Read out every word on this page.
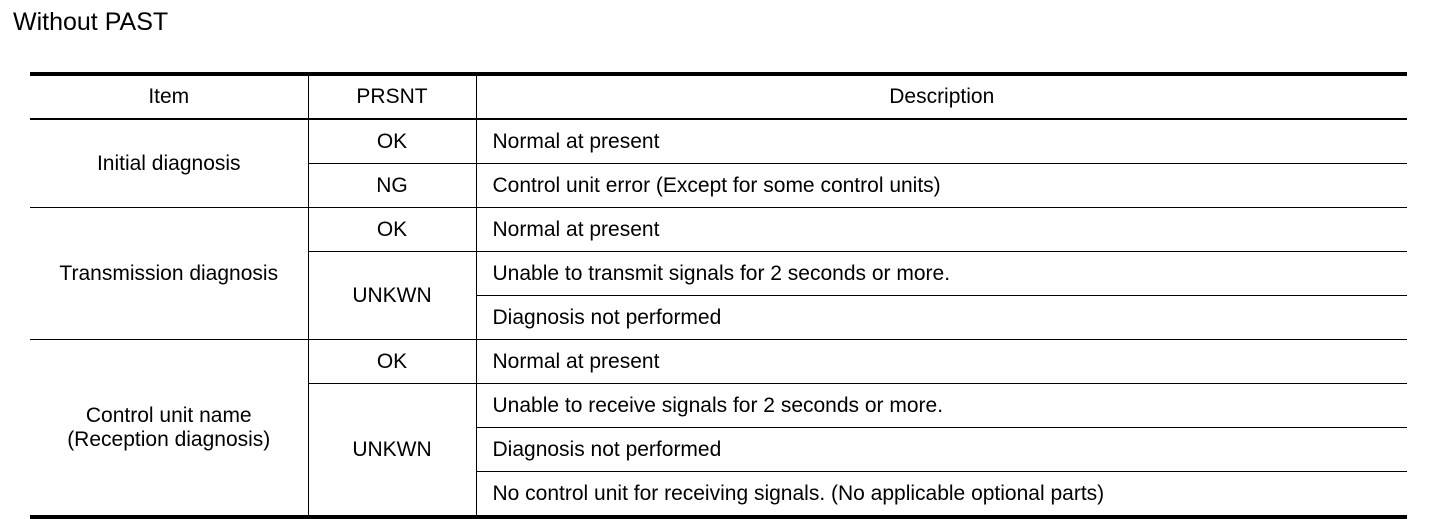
Without PAST
Item	PRSNT	Description

Initial diagnosis	OK	Normal at present
	NG	Control unit error (Except for some control units)

Transmission diagnosis	OK	Normal at present
	UNKWN	Unable to transmit signals for 2 seconds or more.
		Diagnosis not performed

Control unit name
(Reception diagnosis)	OK	Normal at present
	UNKWN	Unable to receive signals for 2 seconds or more.
		Diagnosis not performed
		No control unit for receiving signals. (No applicable optional parts)
